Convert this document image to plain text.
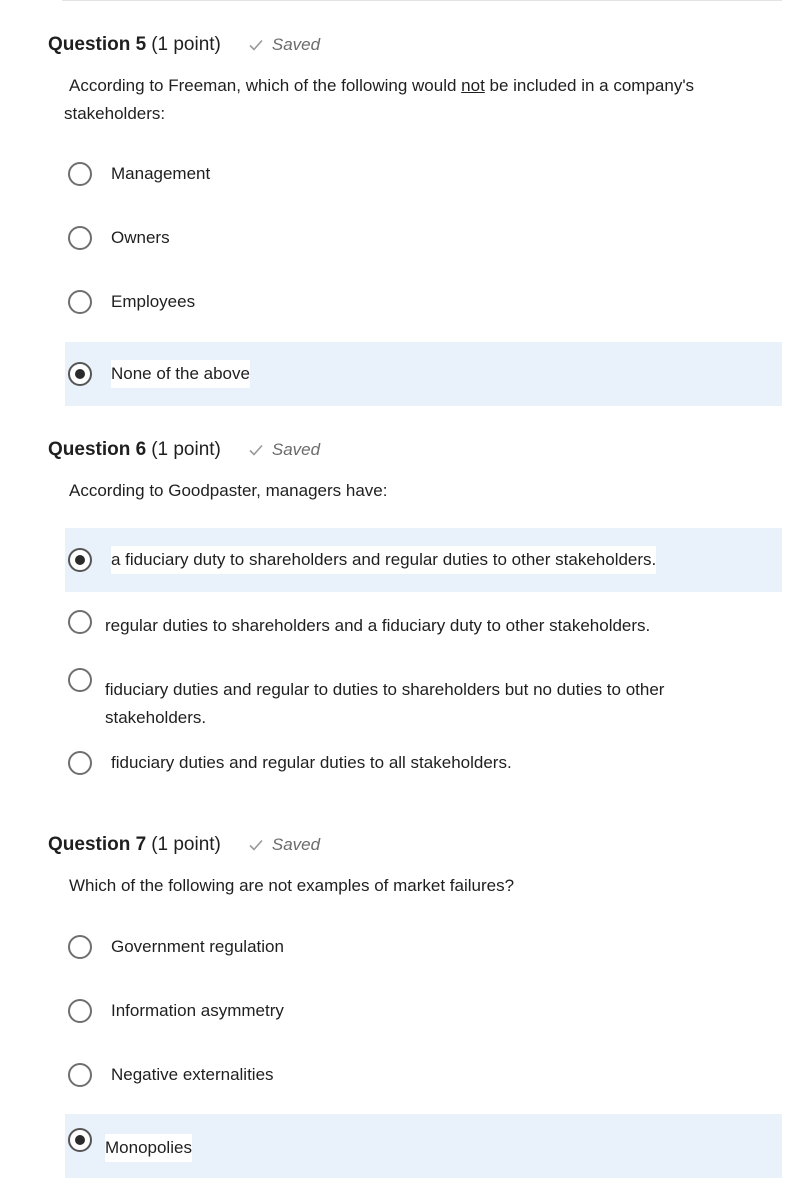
Question 5 (1 point)	Saved

According to Freeman, which of the following would not be included in a company's
stakeholders:

Management
Owners
Employees
None of the above
Question 6 (1 point)	Saved

According to Goodpaster, managers have:

a fiduciary duty to shareholders and regular duties to other stakeholders.
regular duties to shareholders and a fiduciary duty to other stakeholders.
fiduciary duties and regular to duties to shareholders but no duties to other
stakeholders.
fiduciary duties and regular duties to all stakeholders.
Question 7 (1 point)	Saved

Which of the following are not examples of market failures?

Government regulation
Information asymmetry
Negative externalities
Monopolies
